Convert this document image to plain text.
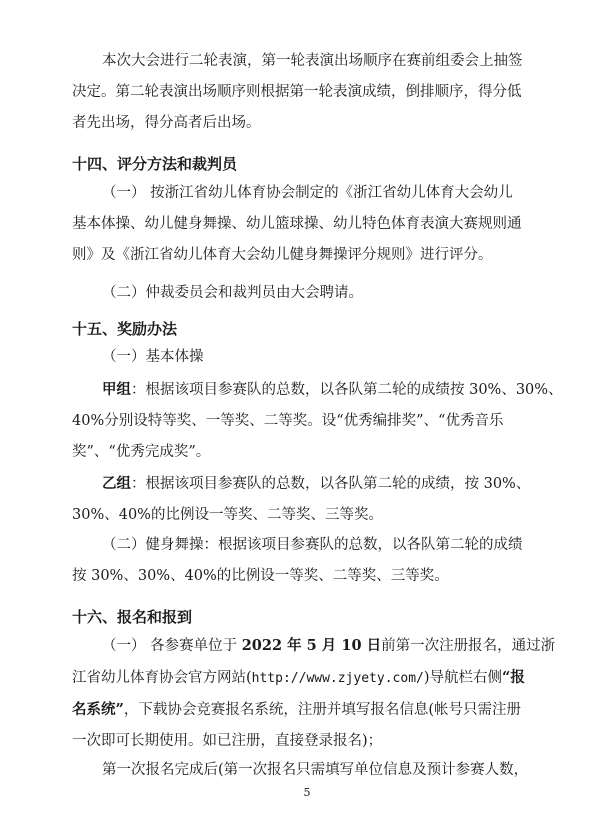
本次大会进行二轮表演，第一轮表演出场顺序在赛前组委会上抽签
决定。第二轮表演出场顺序则根据第一轮表演成绩，倒排顺序，得分低
者先出场，得分高者后出场。
十四、评分方法和裁判员
（一） 按浙江省幼儿体育协会制定的《浙江省幼儿体育大会幼儿
基本体操、幼儿健身舞操、幼儿篮球操、幼儿特色体育表演大赛规则通
则》及《浙江省幼儿体育大会幼儿健身舞操评分规则》进行评分。
（二）仲裁委员会和裁判员由大会聘请。
十五、奖励办法
（一）基本体操
甲组：根据该项目参赛队的总数，以各队第二轮的成绩按 30%、30%、
40%分别设特等奖、一等奖、二等奖。设“优秀编排奖”、“优秀音乐
奖”、“优秀完成奖”。
乙组：根据该项目参赛队的总数，以各队第二轮的成绩，按 30%、
30%、40%的比例设一等奖、二等奖、三等奖。
（二）健身舞操：根据该项目参赛队的总数，以各队第二轮的成绩
按 30%、30%、40%的比例设一等奖、二等奖、三等奖。
十六、报名和报到
（一） 各参赛单位于 2022 年 5 月 10 日前第一次注册报名，通过浙
江省幼儿体育协会官方网站(http://www.zjyety.com/)导航栏右侧“报
名系统”，下载协会竞赛报名系统，注册并填写报名信息(帐号只需注册
一次即可长期使用。如已注册，直接登录报名)；
第一次报名完成后(第一次报名只需填写单位信息及预计参赛人数，
5
